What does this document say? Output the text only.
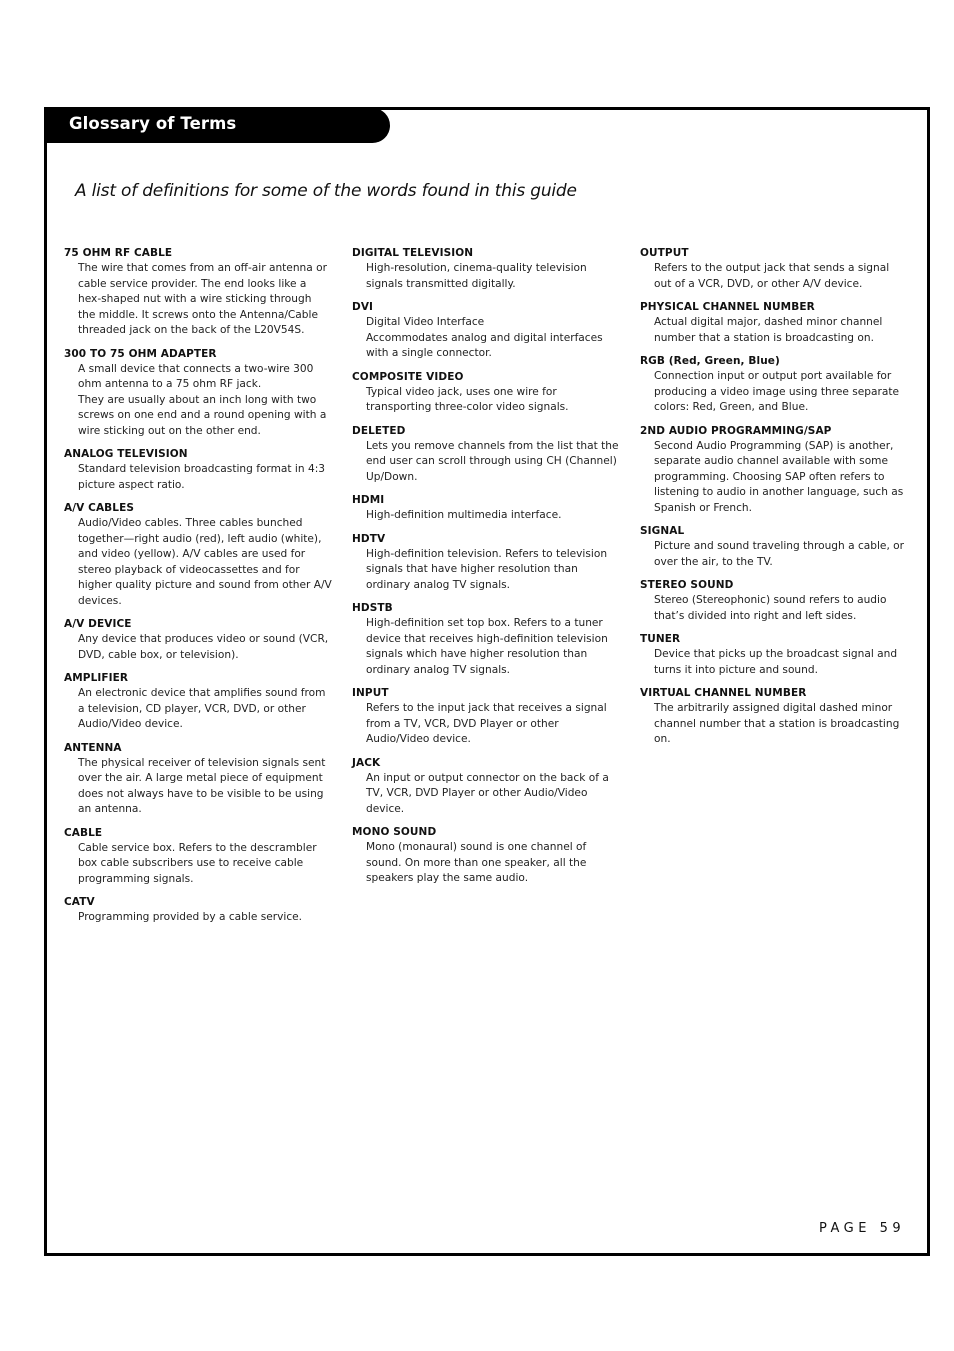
Glossary of Terms
A list of definitions for some of the words found in this guide
75 OHM RF CABLE

The wire that comes from an off-air antenna or cable service provider. The end looks like a hex-shaped nut with a wire sticking through the middle. It screws onto the Antenna/Cable threaded jack on the back of the L20V54S.

300 TO 75 OHM ADAPTER

A small device that connects a two-wire 300 ohm antenna to a 75 ohm RF jack.

They are usually about an inch long with two screws on one end and a round opening with a wire sticking out on the other end.

ANALOG TELEVISION

Standard television broadcasting format in 4:3 picture aspect ratio.

A/V CABLES

Audio/Video cables. Three cables bunched together—right audio (red), left audio (white), and video (yellow). A/V cables are used for stereo playback of videocassettes and for higher quality picture and sound from other A/V devices.

A/V DEVICE

Any device that produces video or sound (VCR, DVD, cable box, or television).

AMPLIFIER

An electronic device that amplifies sound from a television, CD player, VCR, DVD, or other Audio/Video device.

ANTENNA

The physical receiver of television signals sent over the air. A large metal piece of equipment does not always have to be visible to be using an antenna.

CABLE

Cable service box. Refers to the descrambler box cable subscribers use to receive cable programming signals.

CATV

Programming provided by a cable service.

DIGITAL TELEVISION

High-resolution, cinema-quality television signals transmitted digitally.

DVI

Digital Video Interface

Accommodates analog and digital interfaces with a single connector.

COMPOSITE VIDEO

Typical video jack, uses one wire for transporting three-color video signals.

DELETED

Lets you remove channels from the list that the end user can scroll through using CH (Channel) Up/Down.

HDMI

High-definition multimedia interface.

HDTV

High-definition television. Refers to television signals that have higher resolution than ordinary analog TV signals.

HDSTB

High-definition set top box. Refers to a tuner device that receives high-definition television signals which have higher resolution than ordinary analog TV signals.

INPUT

Refers to the input jack that receives a signal from a TV, VCR, DVD Player or other Audio/Video device.

JACK

An input or output connector on the back of a TV, VCR, DVD Player or other Audio/Video device.

MONO SOUND

Mono (monaural) sound is one channel of sound. On more than one speaker, all the speakers play the same audio.

OUTPUT

Refers to the output jack that sends a signal out of a VCR, DVD, or other A/V device.

PHYSICAL CHANNEL NUMBER

Actual digital major, dashed minor channel number that a station is broadcasting on.

RGB (Red, Green, Blue)

Connection input or output port available for producing a video image using three separate colors: Red, Green, and Blue.

2ND AUDIO PROGRAMMING/SAP

Second Audio Programming (SAP) is another, separate audio channel available with some programming. Choosing SAP often refers to listening to audio in another language, such as Spanish or French.

SIGNAL

Picture and sound traveling through a cable, or over the air, to the TV.

STEREO SOUND

Stereo (Stereophonic) sound refers to audio that’s divided into right and left sides.

TUNER

Device that picks up the broadcast signal and turns it into picture and sound.

VIRTUAL CHANNEL NUMBER

The arbitrarily assigned digital dashed minor channel number that a station is broadcasting on.

PAGE 59
